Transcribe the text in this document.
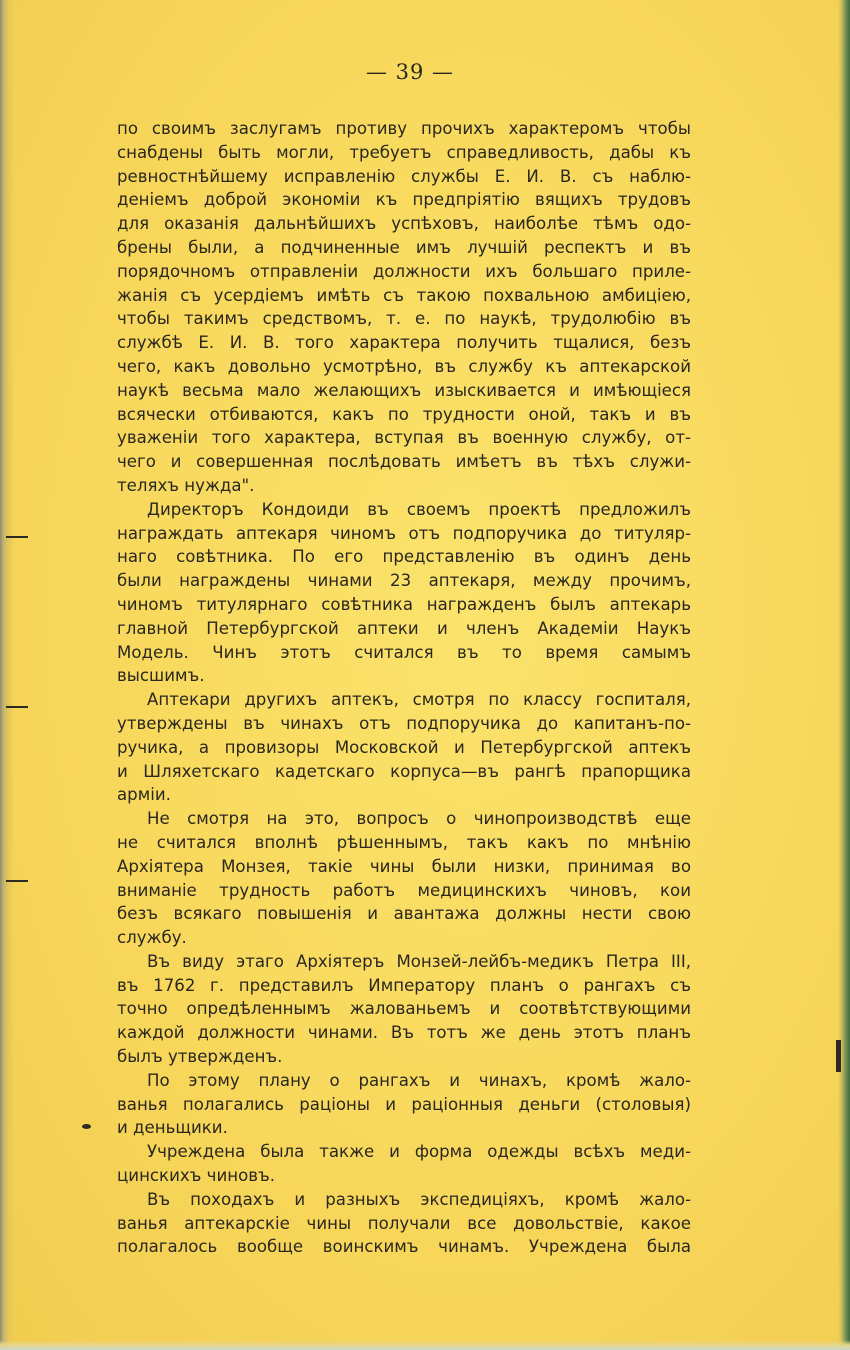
— 39 —
по своимъ заслугамъ противу прочихъ характеромъ чтобы
снабдены быть могли, требуетъ справедливость, дабы къ
ревностнѣйшему исправленiю службы Е. И. В. съ наблю-
денiемъ доброй экономiи къ предпрiятiю вящихъ трудовъ
для оказанiя дальнѣйшихъ успѣховъ, наиболѣе тѣмъ одо-
брены были, а подчиненные имъ лучшiй респектъ и въ
порядочномъ отправленiи должности ихъ большаго приле-
жанiя съ усердiемъ имѣть съ такою похвальною амбицiею,
чтобы такимъ средствомъ, т. е. по наукѣ, трудолюбiю въ
службѣ Е. И. В. того характера получить тщалися, безъ
чего, какъ довольно усмотрѣно, въ службу къ аптекарской
наукѣ весьма мало желающихъ изыскивается и имѣющiеся
всячески отбиваются, какъ по трудности оной, такъ и въ
уваженiи того характера, вступая въ военную службу, от-
чего и совершенная послѣдовать имѣетъ въ тѣхъ служи-
теляхъ нужда".
Директоръ Кондоиди въ своемъ проектѣ предложилъ
награждать аптекаря чиномъ отъ подпоручика до титуляр-
наго совѣтника. По его представленiю въ одинъ день
были награждены чинами 23 аптекаря, между прочимъ,
чиномъ титулярнаго совѣтника награжденъ былъ аптекарь
главной Петербургской аптеки и членъ Академiи Наукъ
Модель. Чинъ этотъ считался въ то время самымъ
высшимъ.
Аптекари другихъ аптекъ, смотря по классу госпиталя,
утверждены въ чинахъ отъ подпоручика до капитанъ-по-
ручика, а провизоры Московской и Петербургской аптекъ
и Шляхетскаго кадетскаго корпуса—въ рангѣ прапорщика
армiи.
Не смотря на это, вопросъ о чинопроизводствѣ еще
не считался вполнѣ рѣшеннымъ, такъ какъ по мнѣнiю
Архiятера Монзея, такiе чины были низки, принимая во
вниманiе трудность работъ медицинскихъ чиновъ, кои
безъ всякаго повышенiя и авантажа должны нести свою
службу.
Въ виду этаго Архiятеръ Монзей-лейбъ-медикъ Петра III,
въ 1762 г. представилъ Императору планъ о рангахъ съ
точно опредѣленнымъ жалованьемъ и соотвѣтствующими
каждой должности чинами. Въ тотъ же день этотъ планъ
былъ утвержденъ.
По этому плану о рангахъ и чинахъ, кромѣ жало-
ванья полагались рацiоны и рацiонныя деньги (столовыя)
и деньщики.
Учреждена была также и форма одежды всѣхъ меди-
цинскихъ чиновъ.
Въ походахъ и разныхъ экспедицiяхъ, кромѣ жало-
ванья аптекарскiе чины получали все довольствiе, какое
полагалось вообще воинскимъ чинамъ. Учреждена была
